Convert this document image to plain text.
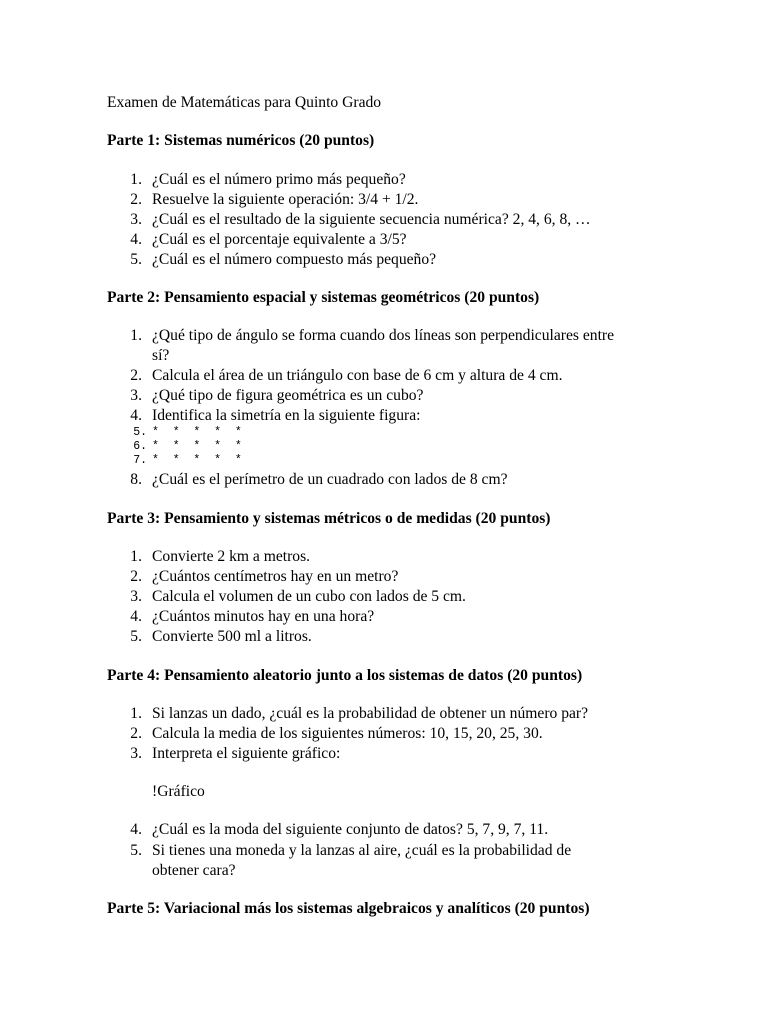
Examen de Matemáticas para Quinto Grado
Parte 1: Sistemas numéricos (20 puntos)
1. ¿Cuál es el número primo más pequeño?
2. Resuelve la siguiente operación: 3/4 + 1/2.
3. ¿Cuál es el resultado de la siguiente secuencia numérica? 2, 4, 6, 8, …
4. ¿Cuál es el porcentaje equivalente a 3/5?
5. ¿Cuál es el número compuesto más pequeño?
Parte 2: Pensamiento espacial y sistemas geométricos (20 puntos)
1. ¿Qué tipo de ángulo se forma cuando dos líneas son perpendiculares entre
sí?
2. Calcula el área de un triángulo con base de 6 cm y altura de 4 cm.
3. ¿Qué tipo de figura geométrica es un cubo?
4. Identifica la simetría en la siguiente figura:
5. *  *  *  *  *
6. *  *  *  *  *
7. *  *  *  *  *
8. ¿Cuál es el perímetro de un cuadrado con lados de 8 cm?
Parte 3: Pensamiento y sistemas métricos o de medidas (20 puntos)
1. Convierte 2 km a metros.
2. ¿Cuántos centímetros hay en un metro?
3. Calcula el volumen de un cubo con lados de 5 cm.
4. ¿Cuántos minutos hay en una hora?
5. Convierte 500 ml a litros.
Parte 4: Pensamiento aleatorio junto a los sistemas de datos (20 puntos)
1. Si lanzas un dado, ¿cuál es la probabilidad de obtener un número par?
2. Calcula la media de los siguientes números: 10, 15, 20, 25, 30.
3. Interpreta el siguiente gráfico:
!Gráfico
4. ¿Cuál es la moda del siguiente conjunto de datos? 5, 7, 9, 7, 11.
5. Si tienes una moneda y la lanzas al aire, ¿cuál es la probabilidad de
obtener cara?
Parte 5: Variacional más los sistemas algebraicos y analíticos (20 puntos)
